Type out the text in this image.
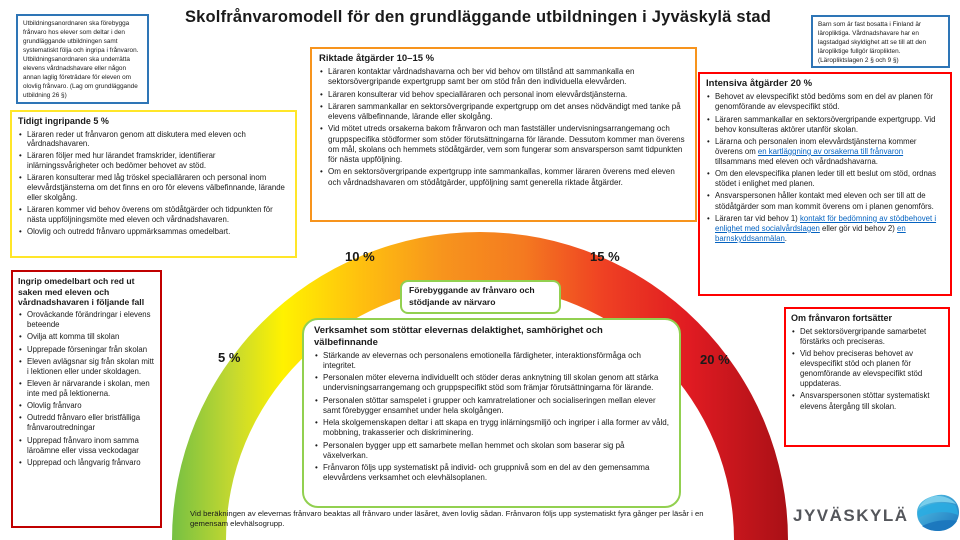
Skolfrånvaromodell för den grundläggande utbildningen i Jyväskylä stad
Utbildningsanordnaren ska förebygga frånvaro hos elever som deltar i den grundläggande utbildningen samt systematiskt följa och ingripa i frånvaron. Utbildningsanordnaren ska underrätta elevens vårdnadshavare eller någon annan laglig företrädare för eleven om olovlig frånvaro. (Lag om grundläggande utbildning 26 §)
Barn som är fast bosatta i Finland är läropliktiga. Vårdnadshavare har en lagstadgad skyldighet att se till att den läropliktige fullgör läroplikten. (Läropliktslagen 2 § och 9 §)
Tidigt ingripande 5 %
• Läraren reder ut frånvaron genom att diskutera med eleven och vårdnadshavaren.
• Läraren följer med hur lärandet framskrider, identifierar inlärningssvårigheter och bedömer behovet av stöd.
• Läraren konsulterar med låg tröskel specialläraren och personal inom elevvårdstjänsterna om det finns en oro för elevens välbefinnande, lärande eller skolgång.
• Läraren kommer vid behov överens om stödåtgärder och tidpunkten för nästa uppföljningsmöte med eleven och vårdnadshavaren.
• Olovlig och outredd frånvaro uppmärksammas omedelbart.
Riktade åtgärder 10–15 %
• Läraren kontaktar vårdnadshavarna och ber vid behov om tillstånd att sammankalla en sektorsövergripande expertgrupp samt ber om stöd från den individuella elevvården.
• Läraren konsulterar vid behov specialläraren och personal inom elevvårdstjänsterna.
• Läraren sammankallar en sektorsövergripande expertgrupp om det anses nödvändigt med tanke på elevens välbefinnande, lärande eller skolgång.
• Vid mötet utreds orsakerna bakom frånvaron och man fastställer undervisningsarrangemang och gruppspecifika stödformer som stöder förutsättningarna för lärande. Dessutom kommer man överens om mål, skolans och hemmets stödåtgärder, vem som fungerar som ansvarsperson samt tidpunkten för nästa uppföljning.
• Om en sektorsövergripande expertgrupp inte sammankallas, kommer läraren överens med eleven och vårdnadshavaren om stödåtgärder, uppföljning samt generella riktade åtgärder.
Intensiva åtgärder 20 %
• Behovet av elevspecifikt stöd bedöms som en del av planen för genomförande av elevspecifikt stöd.
• Läraren sammankallar en sektorsövergripande expertgrupp. Vid behov konsulteras aktörer utanför skolan.
• Lärarna och personalen inom elevvårdstjänsterna kommer överens om en kartläggning av orsakerna till frånvaron tillsammans med eleven och vårdnadshavarna.
• Om den elevspecifika planen leder till ett beslut om stöd, ordnas stödet i enlighet med planen.
• Ansvarspersonen håller kontakt med eleven och ser till att de stödåtgärder som man kommit överens om i planen genomförs.
• Läraren tar vid behov 1) kontakt för bedömning av stödbehovet i enlighet med socialvårdslagen eller gör vid behov 2) en barnskyddsanmälan.
Ingrip omedelbart och red ut saken med eleven och vårdnadshavaren i följande fall
• Oroväckande förändringar i elevens beteende
• Ovilja att komma till skolan
• Upprepade förseningar från skolan
• Eleven avlägsnar sig från skolan mitt i lektionen eller under skoldagen.
• Eleven är närvarande i skolan, men inte med på lektionerna.
• Olovlig frånvaro
• Outredd frånvaro eller bristfälliga frånvaroutredningar
• Upprepad frånvaro inom samma läroämne eller vissa veckodagar
• Upprepad och långvarig frånvaro
Om frånvaron fortsätter
• Det sektorsövergripande samarbetet förstärks och preciseras.
• Vid behov preciseras behovet av elevspecifikt stöd och planen för genomförande av elevspecifikt stöd uppdateras.
• Ansvarspersonen stöttar systematiskt elevens återgång till skolan.
Förebyggande av frånvaro och stödjande av närvaro
Verksamhet som stöttar elevernas delaktighet, samhörighet och välbefinnande
• Stärkande av elevernas och personalens emotionella färdigheter, interaktionsförmåga och integritet.
• Personalen möter eleverna individuellt och stöder deras anknytning till skolan genom att stärka undervisningsarrangemang och gruppspecifikt stöd som främjar förutsättningarna för lärande.
• Personalen stöttar samspelet i grupper och kamratrelationer och socialiseringen mellan elever samt förebygger ensamhet under hela skolgången.
• Hela skolgemenskapen deltar i att skapa en trygg inlärningsmiljö och ingriper i alla former av våld, mobbning, trakasserier och diskriminering.
• Personalen bygger upp ett samarbete mellan hemmet och skolan som baserar sig på växelverkan.
• Frånvaron följs upp systematiskt på individ- och gruppnivå som en del av den gemensamma elevvårdens verksamhet och elevhälsoplanen.
5 %
10 %	15 %
20 %
Vid beräkningen av elevernas frånvaro beaktas all frånvaro under läsåret, även lovlig sådan. Frånvaron följs upp systematiskt fyra gånger per läsår i en gemensam elevhälsogrupp.	JYVÄSKYLÄ
